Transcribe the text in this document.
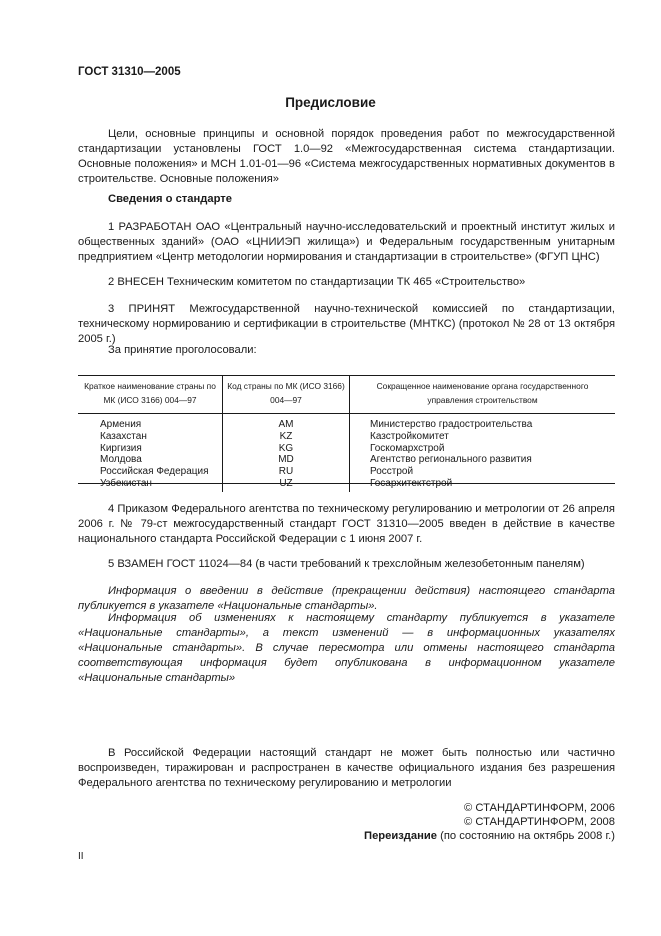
ГОСТ 31310—2005
Предисловие
Цели, основные принципы и основной порядок проведения работ по межгосударственной стандартизации установлены ГОСТ 1.0—92 «Межгосударственная система стандартизации. Основные положения» и МСН 1.01-01—96 «Система межгосударственных нормативных документов в строительстве. Основные положения»
Сведения о стандарте
1 РАЗРАБОТАН ОАО «Центральный научно-исследовательский и проектный институт жилых и общественных зданий» (ОАО «ЦНИИЭП жилища») и Федеральным государственным унитарным предприятием «Центр методологии нормирования и стандартизации в строительстве» (ФГУП ЦНС)
2 ВНЕСЕН Техническим комитетом по стандартизации ТК 465 «Строительство»
3 ПРИНЯТ Межгосударственной научно-технической комиссией по стандартизации, техническому нормированию и сертификации в строительстве (МНТКС) (протокол № 28 от 13 октября 2005 г.)
За принятие проголосовали:
Краткое наименование страны по МК (ИСО 3166) 004—97	Код страны по МК (ИСО 3166) 004—97	Сокращенное наименование органа государственного управления строительством
Армения	AM	Министерство градостроительства
Казахстан	KZ	Казстройкомитет
Киргизия	KG	Госкомархстрой
Молдова	MD	Агентство регионального развития
Российская Федерация	RU	Росстрой
Узбекистан	UZ	Госархитектстрой
4 Приказом Федерального агентства по техническому регулированию и метрологии от 26 апреля 2006 г. № 79-ст межгосударственный стандарт ГОСТ 31310—2005 введен в действие в качестве национального стандарта Российской Федерации с 1 июня 2007 г.
5 ВЗАМЕН ГОСТ 11024—84 (в части требований к трехслойным железобетонным панелям)
Информация о введении в действие (прекращении действия) настоящего стандарта публикуется в указателе «Национальные стандарты».
Информация об изменениях к настоящему стандарту публикуется в указателе «Национальные стандарты», а текст изменений — в информационных указателях «Национальные стандарты». В случае пересмотра или отмены настоящего стандарта соответствующая информация будет опубликована в информационном указателе «Национальные стандарты»
В Российской Федерации настоящий стандарт не может быть полностью или частично воспроизведен, тиражирован и распространен в качестве официального издания без разрешения Федерального агентства по техническому регулированию и метрологии
© СТАНДАРТИНФОРМ, 2006
© СТАНДАРТИНФОРМ, 2008
Переиздание (по состоянию на октябрь 2008 г.)
II
